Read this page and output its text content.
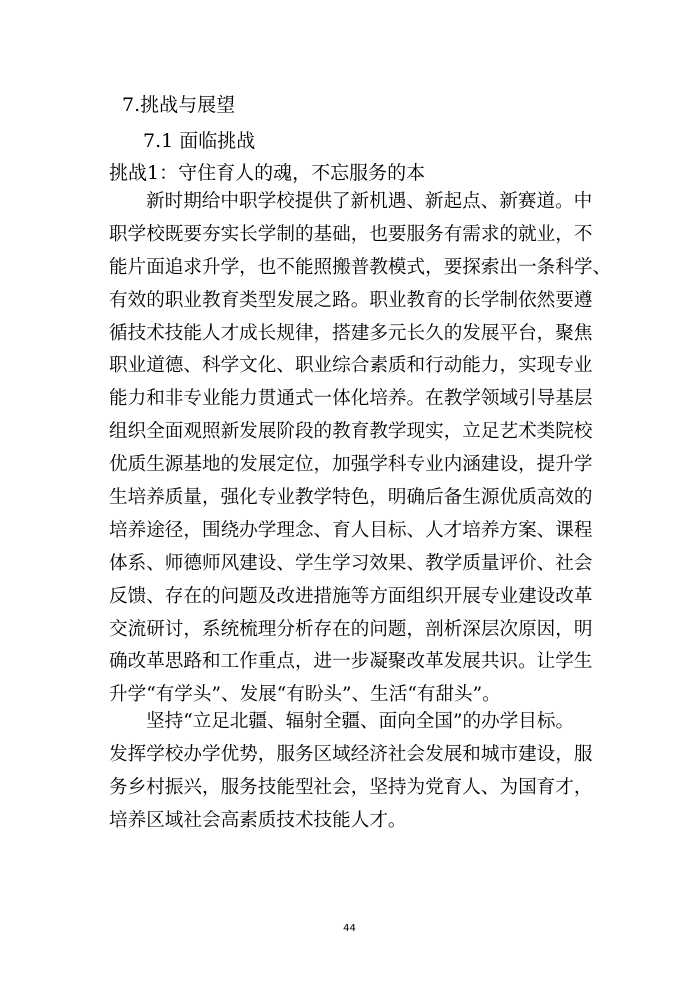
7.挑战与展望
7.1 面临挑战
挑战1：守住育人的魂，不忘服务的本
新时期给中职学校提供了新机遇、新起点、新赛道。中
职学校既要夯实长学制的基础，也要服务有需求的就业，不
能片面追求升学，也不能照搬普教模式，要探索出一条科学、
有效的职业教育类型发展之路。职业教育的长学制依然要遵
循技术技能人才成长规律，搭建多元长久的发展平台，聚焦
职业道德、科学文化、职业综合素质和行动能力，实现专业
能力和非专业能力贯通式一体化培养。在教学领域引导基层
组织全面观照新发展阶段的教育教学现实，立足艺术类院校
优质生源基地的发展定位，加强学科专业内涵建设，提升学
生培养质量，强化专业教学特色，明确后备生源优质高效的
培养途径，围绕办学理念、育人目标、人才培养方案、课程
体系、师德师风建设、学生学习效果、教学质量评价、社会
反馈、存在的问题及改进措施等方面组织开展专业建设改革
交流研讨，系统梳理分析存在的问题，剖析深层次原因，明
确改革思路和工作重点，进一步凝聚改革发展共识。让学生
升学“有学头”、发展“有盼头”、生活“有甜头”。
坚持“立足北疆、辐射全疆、面向全国”的办学目标。
发挥学校办学优势，服务区域经济社会发展和城市建设，服
务乡村振兴，服务技能型社会，坚持为党育人、为国育才，
培养区域社会高素质技术技能人才。
44
